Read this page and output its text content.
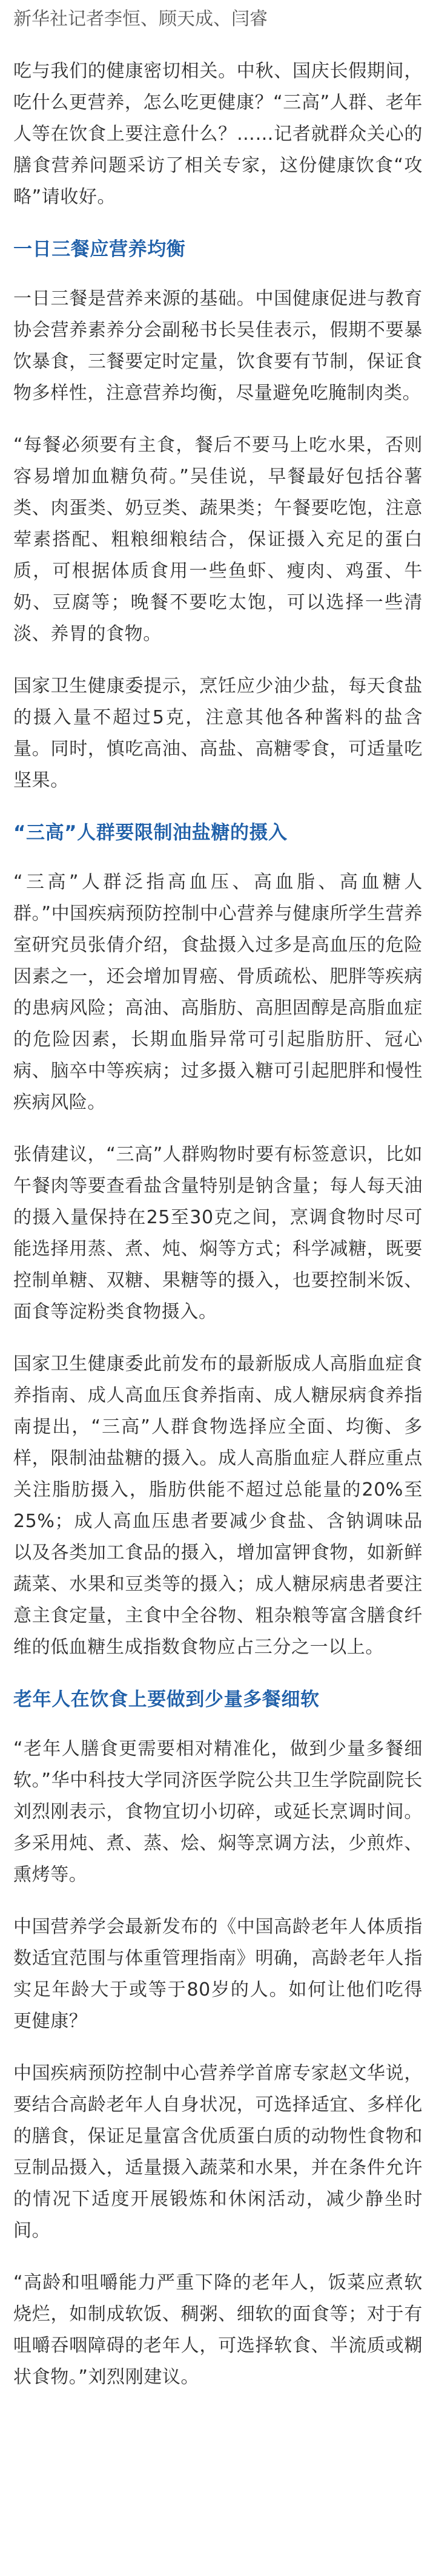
新华社记者李恒、顾天成、闫睿

吃与我们的健康密切相关。中秋、国庆长假期间，吃什么更营养，怎么吃更健康？“三高”人群、老年人等在饮食上要注意什么？……记者就群众关心的膳食营养问题采访了相关专家，这份健康饮食“攻略”请收好。

一日三餐应营养均衡

一日三餐是营养来源的基础。中国健康促进与教育协会营养素养分会副秘书长吴佳表示，假期不要暴饮暴食，三餐要定时定量，饮食要有节制，保证食物多样性，注意营养均衡，尽量避免吃腌制肉类。

“每餐必须要有主食，餐后不要马上吃水果，否则容易增加血糖负荷。”吴佳说，早餐最好包括谷薯类、肉蛋类、奶豆类、蔬果类；午餐要吃饱，注意荤素搭配、粗粮细粮结合，保证摄入充足的蛋白质，可根据体质食用一些鱼虾、瘦肉、鸡蛋、牛奶、豆腐等；晚餐不要吃太饱，可以选择一些清淡、养胃的食物。

国家卫生健康委提示，烹饪应少油少盐，每天食盐的摄入量不超过5克，注意其他各种酱料的盐含量。同时，慎吃高油、高盐、高糖零食，可适量吃坚果。

“三高”人群要限制油盐糖的摄入

“三高”人群泛指高血压、高血脂、高血糖人群。”中国疾病预防控制中心营养与健康所学生营养室研究员张倩介绍，食盐摄入过多是高血压的危险因素之一，还会增加胃癌、骨质疏松、肥胖等疾病的患病风险；高油、高脂肪、高胆固醇是高脂血症的危险因素，长期血脂异常可引起脂肪肝、冠心病、脑卒中等疾病；过多摄入糖可引起肥胖和慢性疾病风险。

张倩建议，“三高”人群购物时要有标签意识，比如午餐肉等要查看盐含量特别是钠含量；每人每天油的摄入量保持在25至30克之间，烹调食物时尽可能选择用蒸、煮、炖、焖等方式；科学减糖，既要控制单糖、双糖、果糖等的摄入，也要控制米饭、面食等淀粉类食物摄入。

国家卫生健康委此前发布的最新版成人高脂血症食养指南、成人高血压食养指南、成人糖尿病食养指南提出，“三高”人群食物选择应全面、均衡、多样，限制油盐糖的摄入。成人高脂血症人群应重点关注脂肪摄入，脂肪供能不超过总能量的20%至25%；成人高血压患者要减少食盐、含钠调味品以及各类加工食品的摄入，增加富钾食物，如新鲜蔬菜、水果和豆类等的摄入；成人糖尿病患者要注意主食定量，主食中全谷物、粗杂粮等富含膳食纤维的低血糖生成指数食物应占三分之一以上。

老年人在饮食上要做到少量多餐细软

“老年人膳食更需要相对精准化，做到少量多餐细软。”华中科技大学同济医学院公共卫生学院副院长刘烈刚表示，食物宜切小切碎，或延长烹调时间。多采用炖、煮、蒸、烩、焖等烹调方法，少煎炸、熏烤等。

中国营养学会最新发布的《中国高龄老年人体质指数适宜范围与体重管理指南》明确，高龄老年人指实足年龄大于或等于80岁的人。如何让他们吃得更健康？

中国疾病预防控制中心营养学首席专家赵文华说，要结合高龄老年人自身状况，可选择适宜、多样化的膳食，保证足量富含优质蛋白质的动物性食物和豆制品摄入，适量摄入蔬菜和水果，并在条件允许的情况下适度开展锻炼和休闲活动，减少静坐时间。

“高龄和咀嚼能力严重下降的老年人，饭菜应煮软烧烂，如制成软饭、稠粥、细软的面食等；对于有咀嚼吞咽障碍的老年人，可选择软食、半流质或糊状食物。”刘烈刚建议。
